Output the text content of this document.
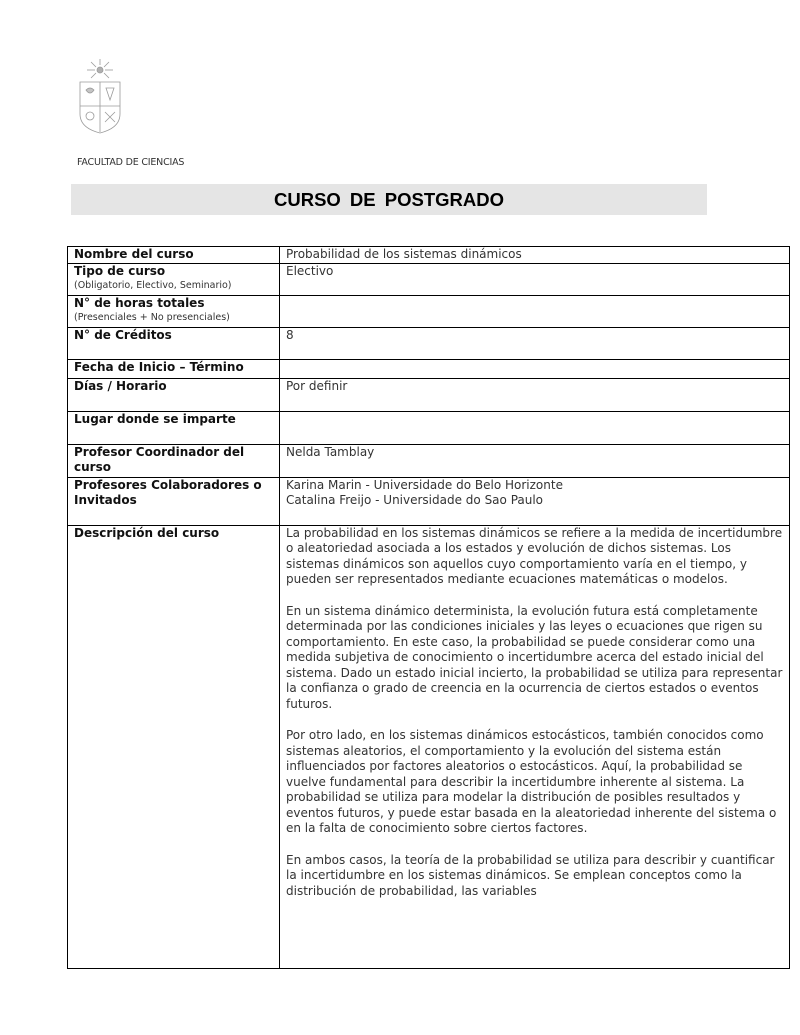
FACULTAD DE CIENCIAS
CURSO DE POSTGRADO
Nombre del curso	Probabilidad de los sistemas dinámicos
Tipo de curso
(Obligatorio, Electivo, Seminario)	Electivo
N° de horas totales
(Presenciales + No presenciales)	

N° de Créditos	8
Fecha de Inicio – Término	
Días / Horario	Por definir
Lugar donde se imparte	
Profesor Coordinador del curso	Nelda Tamblay
Profesores Colaboradores o Invitados	Karina Marin - Universidade do Belo Horizonte
Catalina Freijo - Universidade do Sao Paulo

Descripción del curso	La probabilidad en los sistemas dinámicos se refiere a la medida de incertidumbre o aleatoriedad asociada a los estados y evolución de dichos sistemas. Los sistemas dinámicos son aquellos cuyo comportamiento varía en el tiempo, y pueden ser representados mediante ecuaciones matemáticas o modelos.

En un sistema dinámico determinista, la evolución futura está completamente determinada por las condiciones iniciales y las leyes o ecuaciones que rigen su comportamiento. En este caso, la probabilidad se puede considerar como una medida subjetiva de conocimiento o incertidumbre acerca del estado inicial del sistema. Dado un estado inicial incierto, la probabilidad se utiliza para representar la confianza o grado de creencia en la ocurrencia de ciertos estados o eventos futuros.

Por otro lado, en los sistemas dinámicos estocásticos, también conocidos como sistemas aleatorios, el comportamiento y la evolución del sistema están influenciados por factores aleatorios o estocásticos. Aquí, la probabilidad se vuelve fundamental para describir la incertidumbre inherente al sistema. La probabilidad se utiliza para modelar la distribución de posibles resultados y eventos futuros, y puede estar basada en la aleatoriedad inherente del sistema o en la falta de conocimiento sobre ciertos factores.

En ambos casos, la teoría de la probabilidad se utiliza para describir y cuantificar la incertidumbre en los sistemas dinámicos. Se emplean conceptos como la distribución de probabilidad, las variables
